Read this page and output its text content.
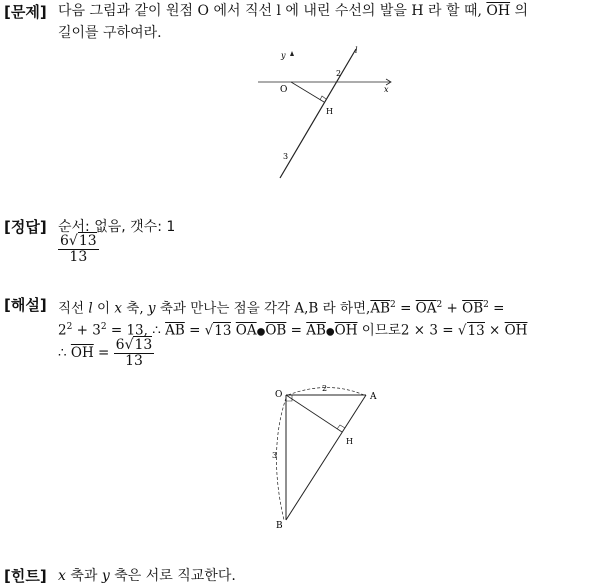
[문제] 다음 그림과 같이 원점 O 에서 직선 l 에 내린 수선의 발을 H 라 할 때, $\overline{OH}$ 의
길이를 구하여라.
x
y
l
O
H
2
3
[정답] 순서: 없음, 갯수: 1
$\frac{6√13}{13}$
[해설] 직선 l 이 x 축, y 축과 만나는 점을 각각 A,B 라 하면$,\overline{AB}^2 = \overline{OA}^2 + \overline{OB}^2$ =
$2^2 + 3^2 = 13$, ∴ $\overline{AB} = √13$ $\overline{OA}●\overline{OB}$ = $\overline{AB}●\overline{OH}$ 이므로$2 \times 3 = √13 \times \overline{OH}$
∴ $\overline{OH} = \frac{6√13}{13}$
O	A
B
H
2
3
[힌트] x 축과 y 축은 서로 직교한다.
